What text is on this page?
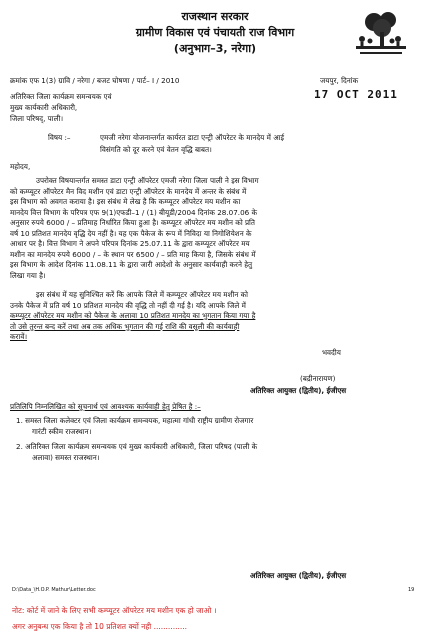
राजस्थान सरकार
ग्रामीण विकास एवं पंचायती राज विभाग
(अनुभाग–3, नरेगा)
क्रमांक एफ 1(3) ग्रावि / नरेगा / बजट घोषणा / पार्ट– I / 2010	जयपुर, दिनांक
17 OCT 2011
अतिरिक्त जिला कार्यक्रम समन्वयक एवं
मुख्य कार्यकारी अधिकारी,
जिला परिषद्, पाली।
विषय :–	एमजी नरेगा योजनान्तर्गत कार्यरत डाटा एन्ट्री ऑपरेटर के मानदेय में आई
विसंगति को दूर करने एवं वेतन वृद्धि बाबत।
महोदय,
उपरोक्त विषयान्तर्गत समस्त डाटा एन्ट्री ऑपरेटर एमजी नरेगा जिला पाली ने इस विभाग
को कम्प्यूटर ऑपरेटर मैन विद मशीन एवं डाटा एन्ट्री ऑपरेटर के मानदेय में अन्तर के संबंध में
इस विभाग को अवगत कराया है। इस संबंध मे लेख है कि कम्प्यूटर ऑपरेटर मय मशीन का
मानदेय वित्त विभाग के परिपत्र एफ 9(1)एफडी–1 / (1) बीयूडी/2004 दिनांक 28.07.06 के
अनुसार रुपये 6000 / – प्रतिमाह निर्धारित किया हुआ है। कम्प्यूटर ऑपरेटर मय मशीन को प्रति
वर्ष 10 प्रतिशत मानदेय वृद्धि देय नहीं है। यह एक पैकेज के रूप में निविदा या निगोशियेशन के
आधार पर है। वित्त विभाग ने अपने परिपत्र दिनांक 25.07.11 के द्वारा कम्प्यूटर ऑपरेटर मय
मशीन का मानदेय रुपये 6000 / – के स्थान पर 6500 / – प्रति माह किया है, जिसके संबंध में
इस विभाग के आदेश दिनांक 11.08.11 के द्वारा जारी आदेशो के अनुसार कार्यवाही करने हेतु
लिखा गया है।
इस संबंध में यह सुनिश्चित करें कि आपके जिले में कम्प्यूटर ऑपरेटर मय मशीन को
उनके पैकेज में प्रति वर्ष 10 प्रतिशत मानदेय की वृद्धि तो नहीं दी गई है। यदि आपके जिले में
कम्प्यूटर ऑपरेटर मय मशीन को पैकेज के अलावा 10 प्रतिशत मानदेय का भुगतान किया गया है
तो उसे तुरन्त बन्द करें तथा अब तक अधिक भुगतान की गई राशि की वसूली की कार्यवाही
करावें।
भवदीय
(बद्रीनारायण)
अतिरिक्त आयुक्त (द्वितीय), ईजीएस
प्रतिलिपि निम्नलिखित को सूचनार्थ एवं आवश्यक कार्यवाही हेतु प्रेषित है :–
1. समस्त जिला कलेक्टर एवं जिला कार्यक्रम समन्वयक, महात्मा गांधी राष्ट्रीय ग्रामीण रोजगार
गारंटी स्कीम राजस्थान।
2. अतिरिक्त जिला कार्यक्रम समन्वयक एवं मुख्य कार्यकारी अधिकारी, जिला परिषद (पाली के
अलावा) समस्त राजस्थान।
अतिरिक्त आयुक्त (द्वितीय), ईजीएस
D:\Data_\H.O.P. Mathur\Letter.doc	19
नोट: कोर्ट में जाने के लिए सभी कम्प्यूटर ऑपरेटर मय मशीन एक हो जाओ ।
अगर अनुबन्ध एक किया है तो 10 प्रतिशत क्यों नही ..............
